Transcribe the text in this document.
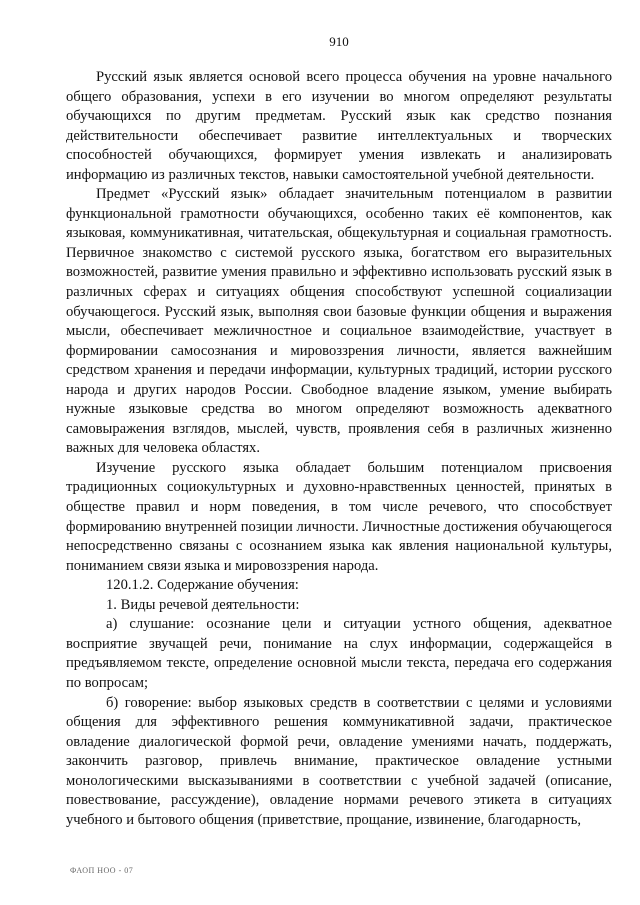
910

Русский язык является основой всего процесса обучения на уровне начального общего образования, успехи в его изучении во многом определяют результаты обучающихся по другим предметам. Русский язык как средство познания действительности обеспечивает развитие интеллектуальных и творческих способностей обучающихся, формирует умения извлекать и анализировать информацию из различных текстов, навыки самостоятельной учебной деятельности.

Предмет «Русский язык» обладает значительным потенциалом в развитии функциональной грамотности обучающихся, особенно таких её компонентов, как языковая, коммуникативная, читательская, общекультурная и социальная грамотность. Первичное знакомство с системой русского языка, богатством его выразительных возможностей, развитие умения правильно и эффективно использовать русский язык в различных сферах и ситуациях общения способствуют успешной социализации обучающегося. Русский язык, выполняя свои базовые функции общения и выражения мысли, обеспечивает межличностное и социальное взаимодействие, участвует в формировании самосознания и мировоззрения личности, является важнейшим средством хранения и передачи информации, культурных традиций, истории русского народа и других народов России. Свободное владение языком, умение выбирать нужные языковые средства во многом определяют возможность адекватного самовыражения взглядов, мыслей, чувств, проявления себя в различных жизненно важных для человека областях.

Изучение русского языка обладает большим потенциалом присвоения традиционных социокультурных и духовно-нравственных ценностей, принятых в обществе правил и норм поведения, в том числе речевого, что способствует формированию внутренней позиции личности. Личностные достижения обучающегося непосредственно связаны с осознанием языка как явления национальной культуры, пониманием связи языка и мировоззрения народа.

120.1.2. Содержание обучения:

1. Виды речевой деятельности:

а) слушание: осознание цели и ситуации устного общения, адекватное восприятие звучащей речи, понимание на слух информации, содержащейся в предъявляемом тексте, определение основной мысли текста, передача его содержания по вопросам;

б) говорение: выбор языковых средств в соответствии с целями и условиями общения для эффективного решения коммуникативной задачи, практическое овладение диалогической формой речи, овладение умениями начать, поддержать, закончить разговор, привлечь внимание, практическое овладение устными монологическими высказываниями в соответствии с учебной задачей (описание, повествование, рассуждение), овладение нормами речевого этикета в ситуациях учебного и бытового общения (приветствие, прощание, извинение, благодарность,

ФАОП НОО - 07
